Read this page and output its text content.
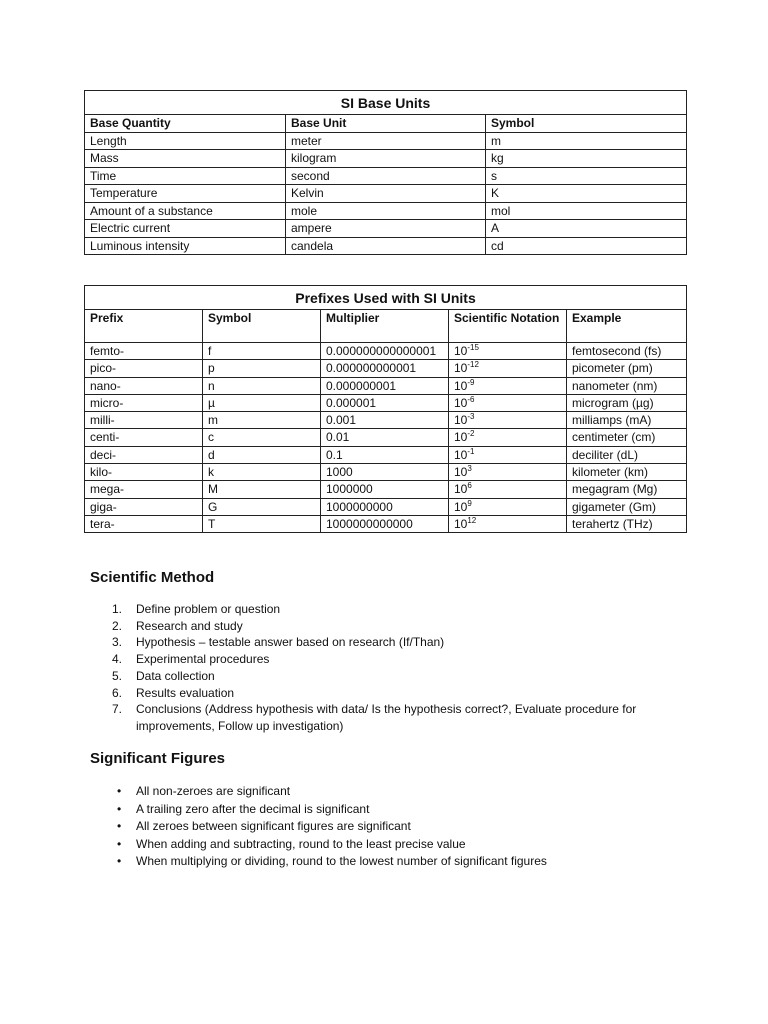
SI Base Units		
Base Quantity	Base Unit	Symbol
Length	meter	m
Mass	kilogram	kg
Time	second	s
Temperature	Kelvin	K
Amount of a substance	mole	mol
Electric current	ampere	A
Luminous intensity	candela	cd
Prefixes Used with SI Units				
Prefix	Symbol	Multiplier	Scientific Notation	Example
femto-	f	0.000000000000001	$10^{-15}$	femtosecond (fs)
pico-	p	0.000000000001	$10^{-12}$	picometer (pm)
nano-	n	0.000000001	$10^{-9}$	nanometer (nm)
micro-	µ	0.000001	$10^{-6}$	microgram (µg)
milli-	m	0.001	$10^{-3}$	milliamps (mA)
centi-	c	0.01	$10^{-2}$	centimeter (cm)
deci-	d	0.1	$10^{-1}$	deciliter (dL)
kilo-	k	1000	$10^3$	kilometer (km)
mega-	M	1000000	$10^6$	megagram (Mg)
giga-	G	1000000000	$10^9$	gigameter (Gm)
tera-	T	1000000000000	$10^{12}$	terahertz (THz)
Scientific Method
1. Define problem or question
2. Research and study
3. Hypothesis – testable answer based on research (If/Than)
4. Experimental procedures
5. Data collection
6. Results evaluation
7. Conclusions (Address hypothesis with data/ Is the hypothesis correct?, Evaluate procedure for improvements, Follow up investigation)
Significant Figures
• All non-zeroes are significant
• A trailing zero after the decimal is significant
• All zeroes between significant figures are significant
• When adding and subtracting, round to the least precise value
• When multiplying or dividing, round to the lowest number of significant figures
